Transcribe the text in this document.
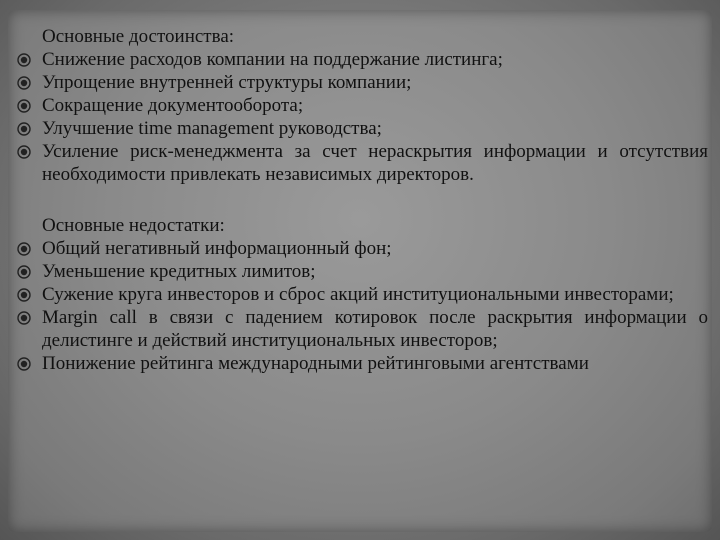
Основные достоинства:
Снижение расходов компании на поддержание листинга;
Упрощение внутренней структуры компании;
Сокращение документооборота;
Улучшение time management руководства;
Усиление риск-менеджмента за счет нераскрытия информации и отсутствия необходимости привлекать независимых директоров.
Основные недостатки:
Общий негативный информационный фон;
Уменьшение кредитных лимитов;
Сужение круга инвесторов и сброс акций институциональными инвесторами;
Margin call в связи с падением котировок после раскрытия информации о делистинге и действий институциональных инвесторов;
Понижение рейтинга международными рейтинговыми агентствами
